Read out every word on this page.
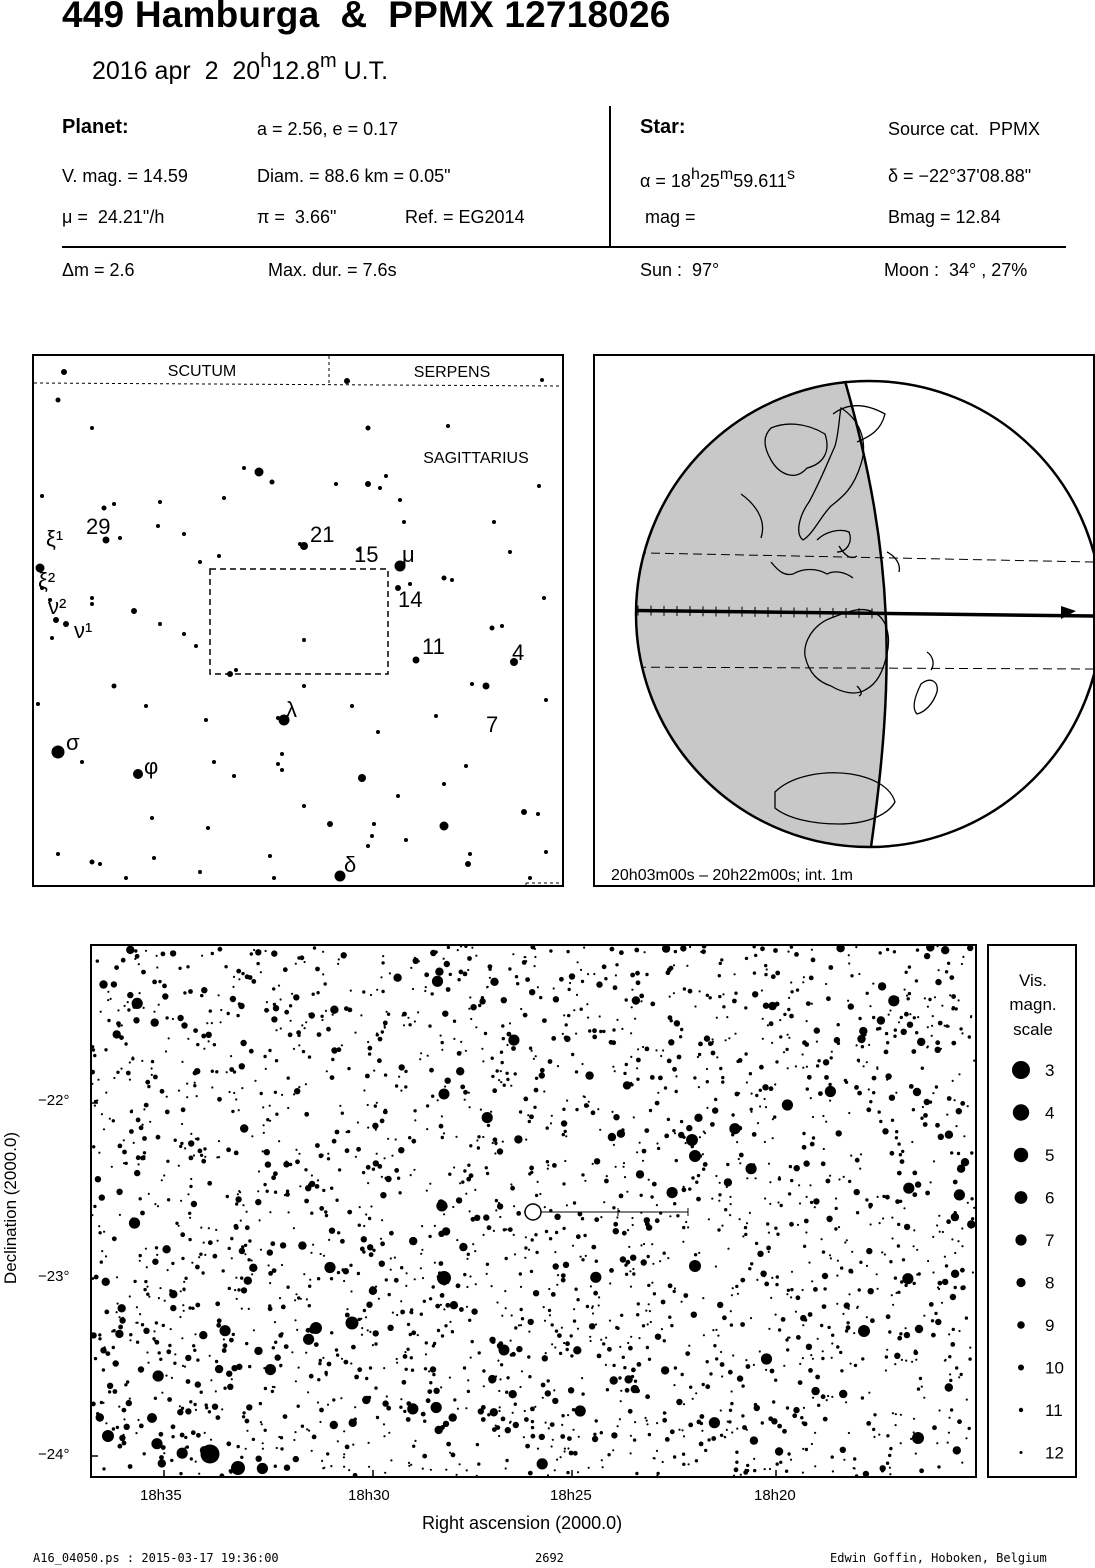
449 Hamburga  &  PPMX 12718026
2016 apr  2  20$^h$12.8$^m$ U.T.
Planet:	a = 2.56, e = 0.17
V. mag. = 14.59	Diam. = 88.6 km = 0.05"
μ =  24.21"/h	π =  3.66"	Ref. = EG2014
Star:	Source cat.  PPMX
$\alpha = 18^h25^m59.611^s$	δ = −22°37'08.88"
mag =	Bmag = 12.84
Δm = 2.6	Max. dur. = 7.6s	Sun :  97°	Moon :  34° , 27%
SCUTUM	SERPENS
SAGITTARIUS
ξ¹ 29	21
15 μ
ξ²
ν²
ν¹
14
11	4
7
λ
σ
φ
δ	20h03m00s – 20h22m00s; int. 1m
−22°
−23°
−24°
18h35	18h30	18h25	18h20
Declination (2000.0)
Right ascension (2000.0)
Vis.
magn.
scale
3
4
5
6
7
8
9
10
11
12
A16_04050.ps : 2015-03-17 19:36:00	2692	Edwin Goffin, Hoboken, Belgium
